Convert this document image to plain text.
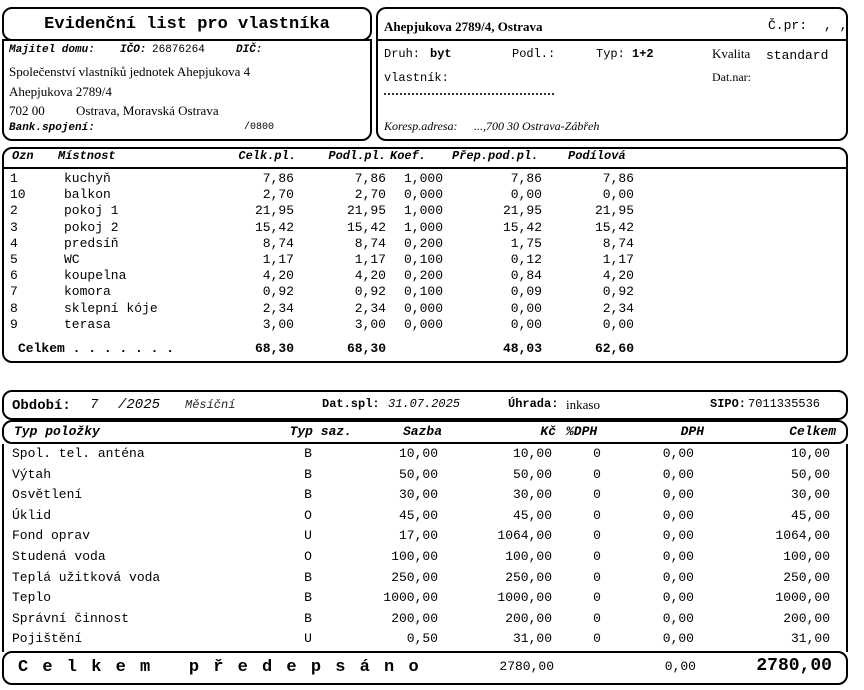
Evidenční list pro vlastníka
Majitel domu: IČO: 26876264	DIČ:
Společenství vlastníků jednotek Ahepjukova 4
Ahepjukova 2789/4
702 00 Ostrava, Moravská Ostrava
Bank.spojení:	/0800
Ahepjukova 2789/4, Ostrava	Č.pr: , ,
Druh: byt	Podl.:	Typ: 1+2	Kvalita standard
vlastník:	Dat.nar:
Koresp.adresa: ...,700 30 Ostrava-Zábřeh
Ozn	Místnost	Celk.pl.	Podl.pl. Koef.	Přep.pod.pl.	Podílová
1	kuchyň	7,86	7,86 1,000	7,86	7,86
10	balkon	2,70	2,70 0,000	0,00	0,00
2	pokoj 1	21,95	21,95 1,000	21,95	21,95
3	pokoj 2	15,42	15,42 1,000	15,42	15,42
4	predsíň	8,74	8,74 0,200	1,75	8,74
5	WC	1,17	1,17 0,100	0,12	1,17
6	koupelna	4,20	4,20 0,200	0,84	4,20
7	komora	0,92	0,92 0,100	0,09	0,92
8	sklepní kóje	2,34	2,34 0,000	0,00	2,34
9	terasa	3,00	3,00 0,000	0,00	0,00
Celkem . . . . . . .	68,30	68,30	48,03	62,60
Období: 7 /2025 Měsíční	Dat.spl: 31.07.2025	Úhrada: inkaso	SIPO: 7011335536
Typ položky	Typ saz.	Sazba	Kč %DPH	DPH	Celkem
Spol. tel. anténa	B	10,00	10,00	0	0,00	10,00
Výtah	B	50,00	50,00	0	0,00	50,00
Osvětlení	B	30,00	30,00	0	0,00	30,00
Úklid	O	45,00	45,00	0	0,00	45,00
Fond oprav	U	17,00	1064,00	0	0,00	1064,00
Studená voda	O	100,00	100,00	0	0,00	100,00
Teplá užitková voda	B	250,00	250,00	0	0,00	250,00
Teplo	B	1000,00	1000,00	0	0,00	1000,00
Správní činnost	B	200,00	200,00	0	0,00	200,00
Pojištění	U	0,50	31,00	0	0,00	31,00
C e l k e m   p ř e d e p s á n o	2780,00	0,00	2780,00
